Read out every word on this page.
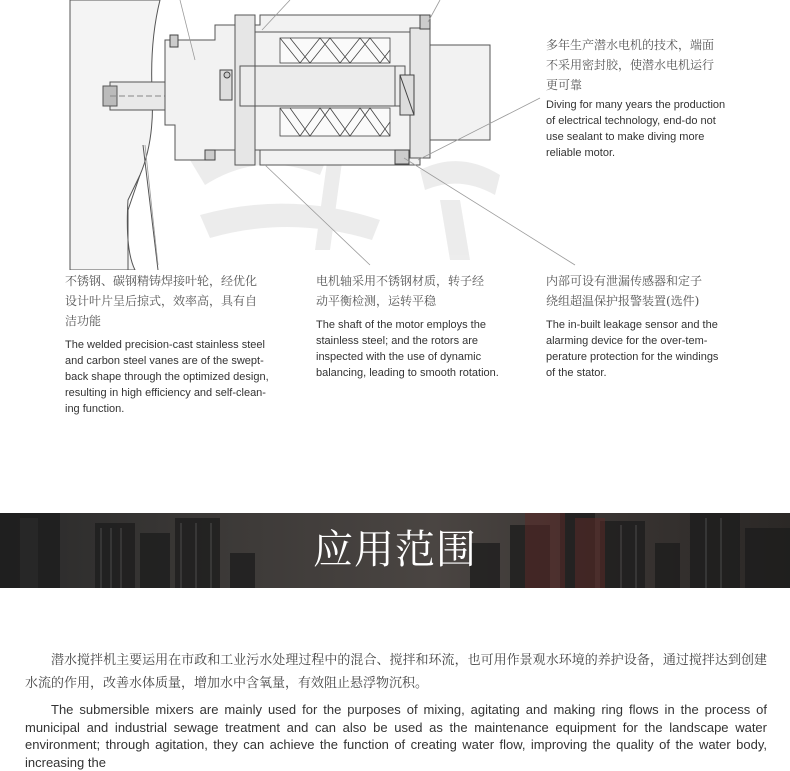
多年生产潜水电机的技术，端面
不采用密封胶，使潜水电机运行
更可靠
Diving for many years the production
of electrical technology, end-do not
use sealant to make diving more
reliable motor.
不锈钢、碳钢精铸焊接叶轮，经优化
设计叶片呈后掠式，效率高，具有自
洁功能
The welded precision-cast stainless steel
and carbon steel vanes are of the swept-
back shape through the optimized design,
resulting in high efficiency and self-clean-
ing function.
电机轴采用不锈钢材质，转子经
动平衡检测，运转平稳
The shaft of the motor employs the
stainless steel; and the rotors are
inspected with the use of dynamic
balancing, leading to smooth rotation.
内部可设有泄漏传感器和定子
绕组超温保护报警装置(选件)
The in-built leakage sensor and the
alarming device for the over-tem-
perature protection for the windings
of the stator.
应用范围
潜水搅拌机主要运用在市政和工业污水处理过程中的混合、搅拌和环流，也可用作景观水环境的养护设备，通过搅拌达到创建水流的作用，改善水体质量，增加水中含氧量，有效阻止悬浮物沉积。
The submersible mixers are mainly used for the purposes of mixing, agitating and making ring flows in the process of municipal and industrial sewage treatment and can also be used as the maintenance equipment for the landscape water environment; through agitation, they can achieve the function of creating water flow, improving the quality of the water body, increasing the
